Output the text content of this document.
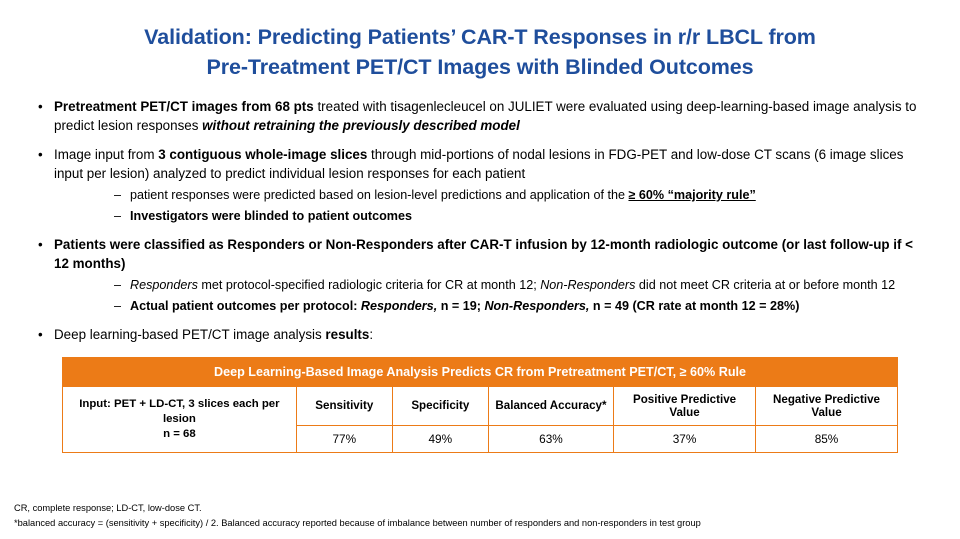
Validation: Predicting Patients’ CAR-T Responses in r/r LBCL from
Pre-Treatment PET/CT Images with Blinded Outcomes
• Pretreatment PET/CT images from 68 pts treated with tisagenlecleucel on JULIET were evaluated using deep-learning-based image analysis to predict lesion responses without retraining the previously described model
• Image input from 3 contiguous whole-image slices through mid-portions of nodal lesions in FDG-PET and low-dose CT scans (6 image slices input per lesion) analyzed to predict individual lesion responses for each patient
– patient responses were predicted based on lesion-level predictions and application of the ≥ 60% “majority rule”
– Investigators were blinded to patient outcomes
• Patients were classified as Responders or Non-Responders after CAR-T infusion by 12-month radiologic outcome (or last follow-up if < 12 months)
– Responders met protocol-specified radiologic criteria for CR at month 12; Non-Responders did not meet CR criteria at or before month 12
– Actual patient outcomes per protocol: Responders, n = 19; Non-Responders, n = 49 (CR rate at month 12 = 28%)
• Deep learning-based PET/CT image analysis results:
Deep Learning-Based Image Analysis Predicts CR from Pretreatment PET/CT, ≥ 60% Rule					

Input: PET + LD-CT, 3 slices each per lesion
n = 68	Sensitivity	Specificity	Balanced Accuracy*	Positive Predictive Value	Negative Predictive Value
	77%	49%	63%	37%	85%
CR, complete response; LD-CT, low-dose CT.
*balanced accuracy = (sensitivity + specificity) / 2. Balanced accuracy reported because of imbalance between number of responders and non-responders in test group
